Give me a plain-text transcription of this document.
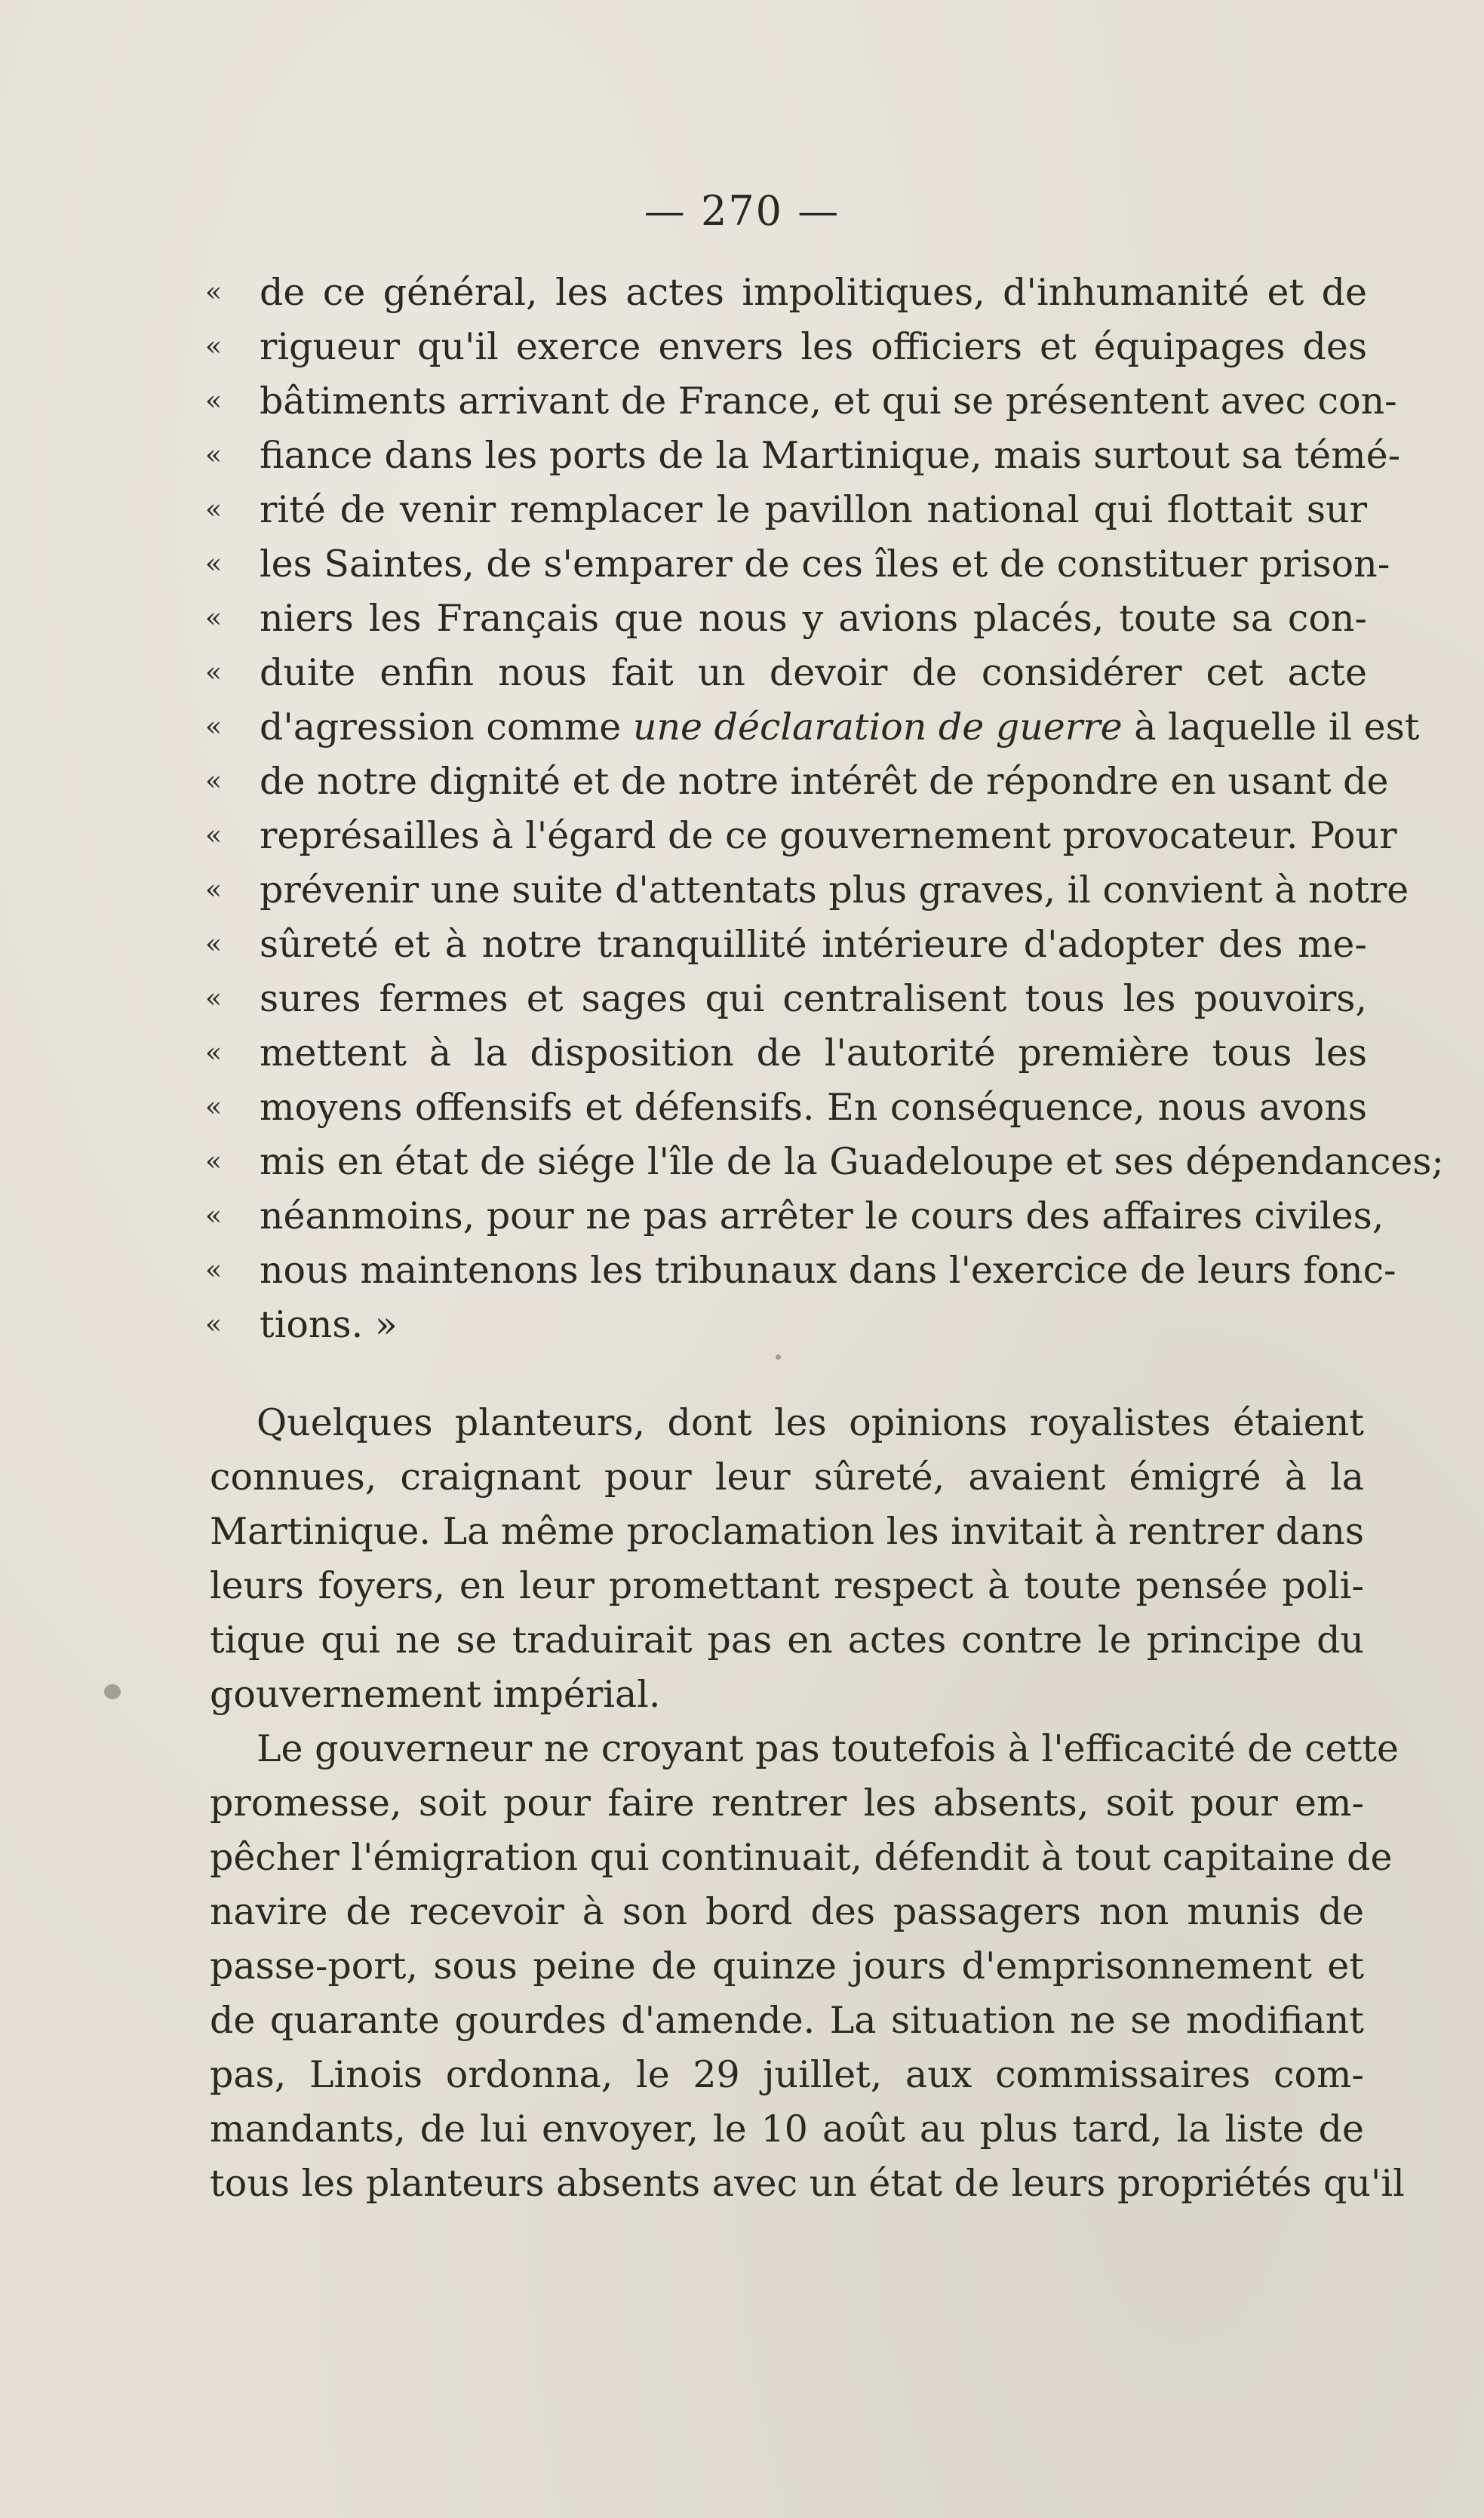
— 270 —
«	de ce général, les actes impolitiques, d'inhumanité et de
«	rigueur qu'il exerce envers les officiers et équipages des
«	bâtiments arrivant de France, et qui se présentent avec con-
«	fiance dans les ports de la Martinique, mais surtout sa témé-
«	rité de venir remplacer le pavillon national qui flottait sur
«	les Saintes, de s'emparer de ces îles et de constituer prison-
«	niers les Français que nous y avions placés, toute sa con-
«	duite enfin nous fait un devoir de considérer cet acte
«	d'agression comme une déclaration de guerre à laquelle il est
«	de notre dignité et de notre intérêt de répondre en usant de
«	représailles à l'égard de ce gouvernement provocateur. Pour
«	prévenir une suite d'attentats plus graves, il convient à notre
«	sûreté et à notre tranquillité intérieure d'adopter des me-
«	sures fermes et sages qui centralisent tous les pouvoirs,
«	mettent à la disposition de l'autorité première tous les
«	moyens offensifs et défensifs. En conséquence, nous avons
«	mis en état de siége l'île de la Guadeloupe et ses dépendances;
«	néanmoins, pour ne pas arrêter le cours des affaires civiles,
«	nous maintenons les tribunaux dans l'exercice de leurs fonc-
«	tions. »
Quelques planteurs, dont les opinions royalistes étaient
connues, craignant pour leur sûreté, avaient émigré à la
Martinique. La même proclamation les invitait à rentrer dans
leurs foyers, en leur promettant respect à toute pensée poli-
tique qui ne se traduirait pas en actes contre le principe du
gouvernement impérial.
Le gouverneur ne croyant pas toutefois à l'efficacité de cette
promesse, soit pour faire rentrer les absents, soit pour em-
pêcher l'émigration qui continuait, défendit à tout capitaine de
navire de recevoir à son bord des passagers non munis de
passe-port, sous peine de quinze jours d'emprisonnement et
de quarante gourdes d'amende. La situation ne se modifiant
pas, Linois ordonna, le 29 juillet, aux commissaires com-
mandants, de lui envoyer, le 10 août au plus tard, la liste de
tous les planteurs absents avec un état de leurs propriétés qu'il
